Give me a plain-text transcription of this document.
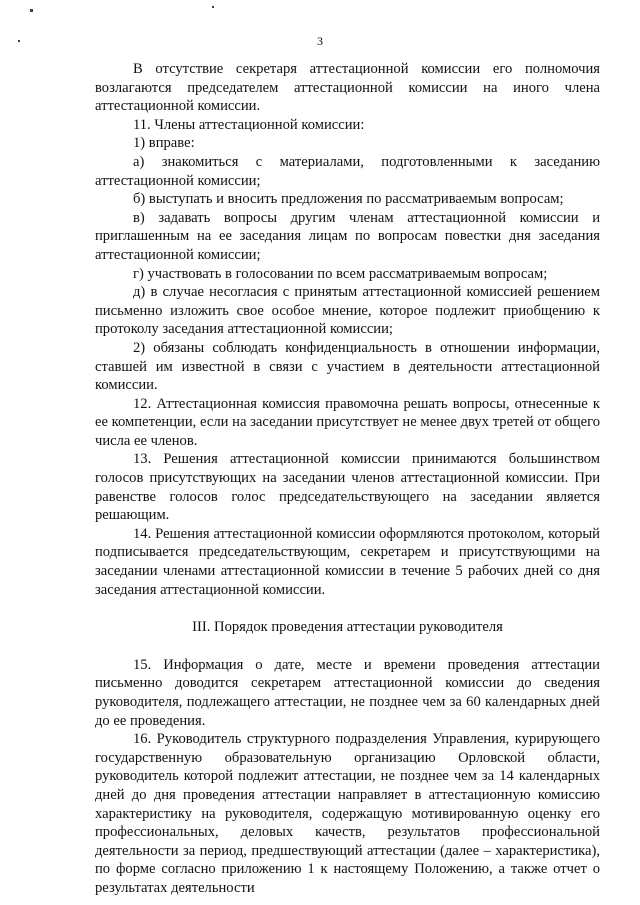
3

В отсутствие секретаря аттестационной комиссии его полномочия возлагаются председателем аттестационной комиссии на иного члена аттестационной комиссии.

11. Члены аттестационной комиссии:

1) вправе:

а) знакомиться с материалами, подготовленными к заседанию аттестационной комиссии;

б) выступать и вносить предложения по рассматриваемым вопросам;

в) задавать вопросы другим членам аттестационной комиссии и приглашенным на ее заседания лицам по вопросам повестки дня заседания аттестационной комиссии;

г) участвовать в голосовании по всем рассматриваемым вопросам;

д) в случае несогласия с принятым аттестационной комиссией решением письменно изложить свое особое мнение, которое подлежит приобщению к протоколу заседания аттестационной комиссии;

2) обязаны соблюдать конфиденциальность в отношении информации, ставшей им известной в связи с участием в деятельности аттестационной комиссии.

12. Аттестационная комиссия правомочна решать вопросы, отнесенные к ее компетенции, если на заседании присутствует не менее двух третей от общего числа ее членов.

13. Решения аттестационной комиссии принимаются большинством голосов присутствующих на заседании членов аттестационной комиссии. При равенстве голосов голос председательствующего на заседании является решающим.

14. Решения аттестационной комиссии оформляются протоколом, который подписывается председательствующим, секретарем и присутствующими на заседании членами аттестационной комиссии в течение 5 рабочих дней со дня заседания аттестационной комиссии.

III. Порядок проведения аттестации руководителя

15. Информация о дате, месте и времени проведения аттестации письменно доводится секретарем аттестационной комиссии до сведения руководителя, подлежащего аттестации, не позднее чем за 60 календарных дней до ее проведения.

16. Руководитель структурного подразделения Управления, курирующего государственную образовательную организацию Орловской области, руководитель которой подлежит аттестации, не позднее чем за 14 календарных дней до дня проведения аттестации направляет в аттестационную комиссию характеристику на руководителя, содержащую мотивированную оценку его профессиональных, деловых качеств, результатов профессиональной деятельности за период, предшествующий аттестации (далее – характеристика), по форме согласно приложению 1 к настоящему Положению, а также отчет о результатах деятельности
